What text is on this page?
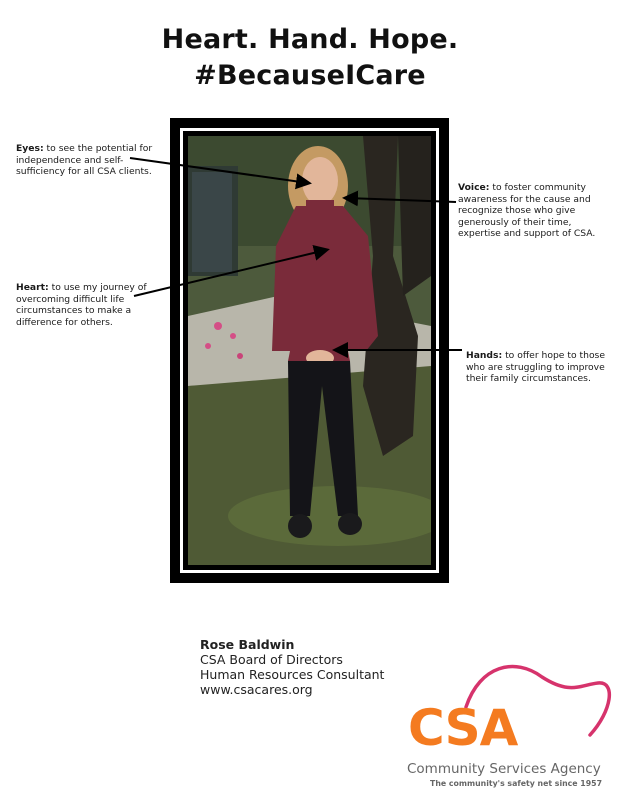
Heart. Hand. Hope.
#BecauseICare
Eyes: to see the potential for independence and self-sufficiency for all CSA clients.
Voice: to foster community awareness for the cause and recognize those who give generously of their time, expertise and support of CSA.
Heart: to use my journey of overcoming difficult life circumstances to make a difference for others.
Hands: to offer hope to those who are struggling to improve their family circumstances.
Rose Baldwin
CSA Board of Directors
Human Resources Consultant
www.csacares.org
CSA
Community Services Agency
The community's safety net since 1957
